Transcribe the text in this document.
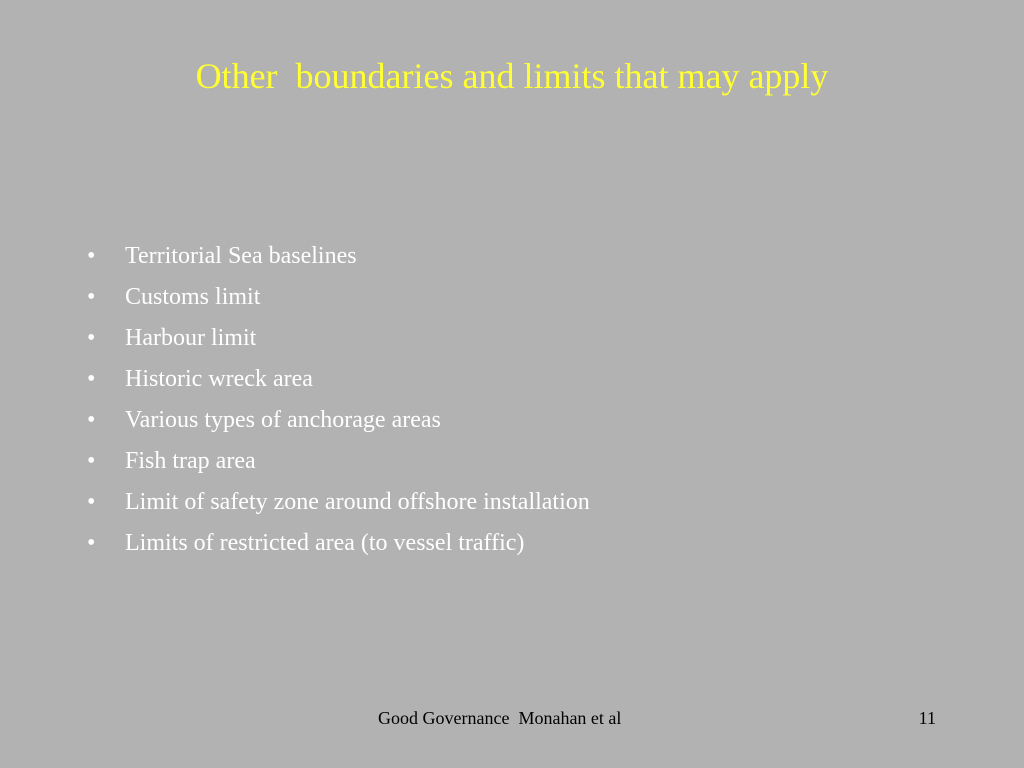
Other  boundaries and limits that may apply
• Territorial Sea baselines
• Customs limit
• Harbour limit
• Historic wreck area
• Various types of anchorage areas
• Fish trap area
• Limit of safety zone around offshore installation
• Limits of restricted area (to vessel traffic)
Good Governance  Monahan et al	11
